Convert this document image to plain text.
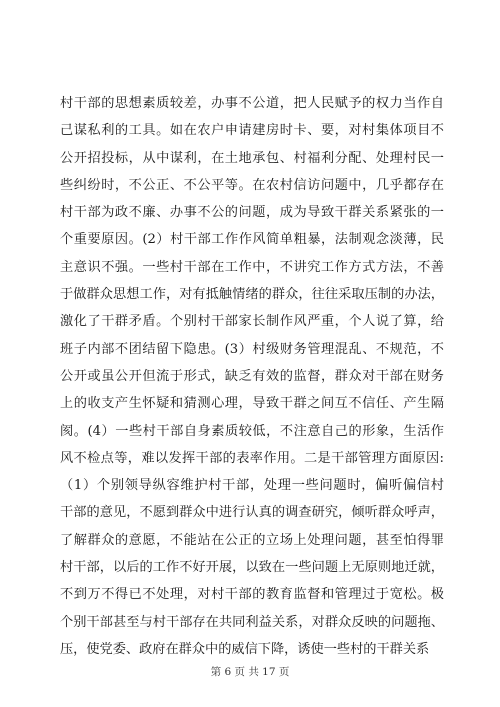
村干部的思想素质较差，办事不公道，把人民赋予的权力当作自
己谋私利的工具。如在农户申请建房时卡、要，对村集体项目不
公开招投标，从中谋利，在土地承包、村福利分配、处理村民一
些纠纷时，不公正、不公平等。在农村信访问题中，几乎都存在
村干部为政不廉、办事不公的问题，成为导致干群关系紧张的一
个重要原因。(2）村干部工作作风简单粗暴，法制观念淡薄，民
主意识不强。一些村干部在工作中，不讲究工作方式方法，不善
于做群众思想工作，对有抵触情绪的群众，往往采取压制的办法，
激化了干群矛盾。个别村干部家长制作风严重，个人说了算，给
班子内部不团结留下隐患。(3）村级财务管理混乱、不规范，不
公开或虽公开但流于形式，缺乏有效的监督，群众对干部在财务
上的收支产生怀疑和猜测心理，导致干群之间互不信任、产生隔
阂。(4）一些村干部自身素质较低，不注意自己的形象，生活作
风不检点等，难以发挥干部的表率作用。二是干部管理方面原因:
（1）个别领导纵容维护村干部，处理一些问题时，偏听偏信村
干部的意见，不愿到群众中进行认真的调查研究，倾听群众呼声，
了解群众的意愿，不能站在公正的立场上处理问题，甚至怕得罪
村干部，以后的工作不好开展，以致在一些问题上无原则地迁就，
不到万不得已不处理，对村干部的教育监督和管理过于宽松。极
个别干部甚至与村干部存在共同利益关系，对群众反映的问题拖、
压，使党委、政府在群众中的威信下降，诱使一些村的干群关系
第 6 页 共 17 页
